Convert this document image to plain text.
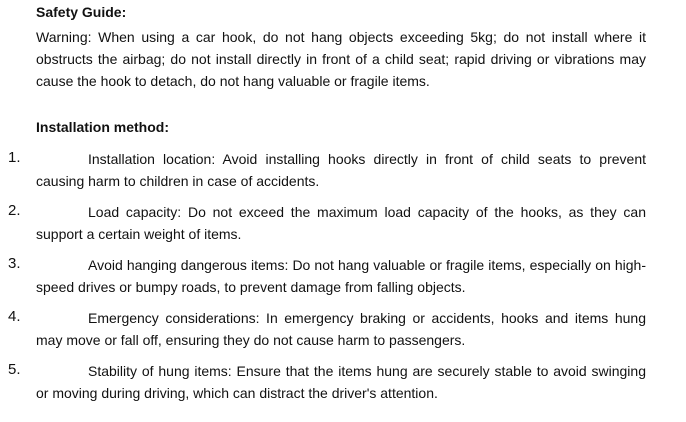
Safety Guide:
Warning: When using a car hook, do not hang objects exceeding 5kg; do not install where it obstructs the airbag; do not install directly in front of a child seat; rapid driving or vibrations may cause the hook to detach, do not hang valuable or fragile items.
Installation method:
1.	Installation location: Avoid installing hooks directly in front of child seats to prevent causing harm to children in case of accidents.
2.	Load capacity: Do not exceed the maximum load capacity of the hooks, as they can support a certain weight of items.
3.	Avoid hanging dangerous items: Do not hang valuable or fragile items, especially on high-speed drives or bumpy roads, to prevent damage from falling objects.
4.	Emergency considerations: In emergency braking or accidents, hooks and items hung may move or fall off, ensuring they do not cause harm to passengers.
5.	Stability of hung items: Ensure that the items hung are securely stable to avoid swinging or moving during driving, which can distract the driver's attention.
